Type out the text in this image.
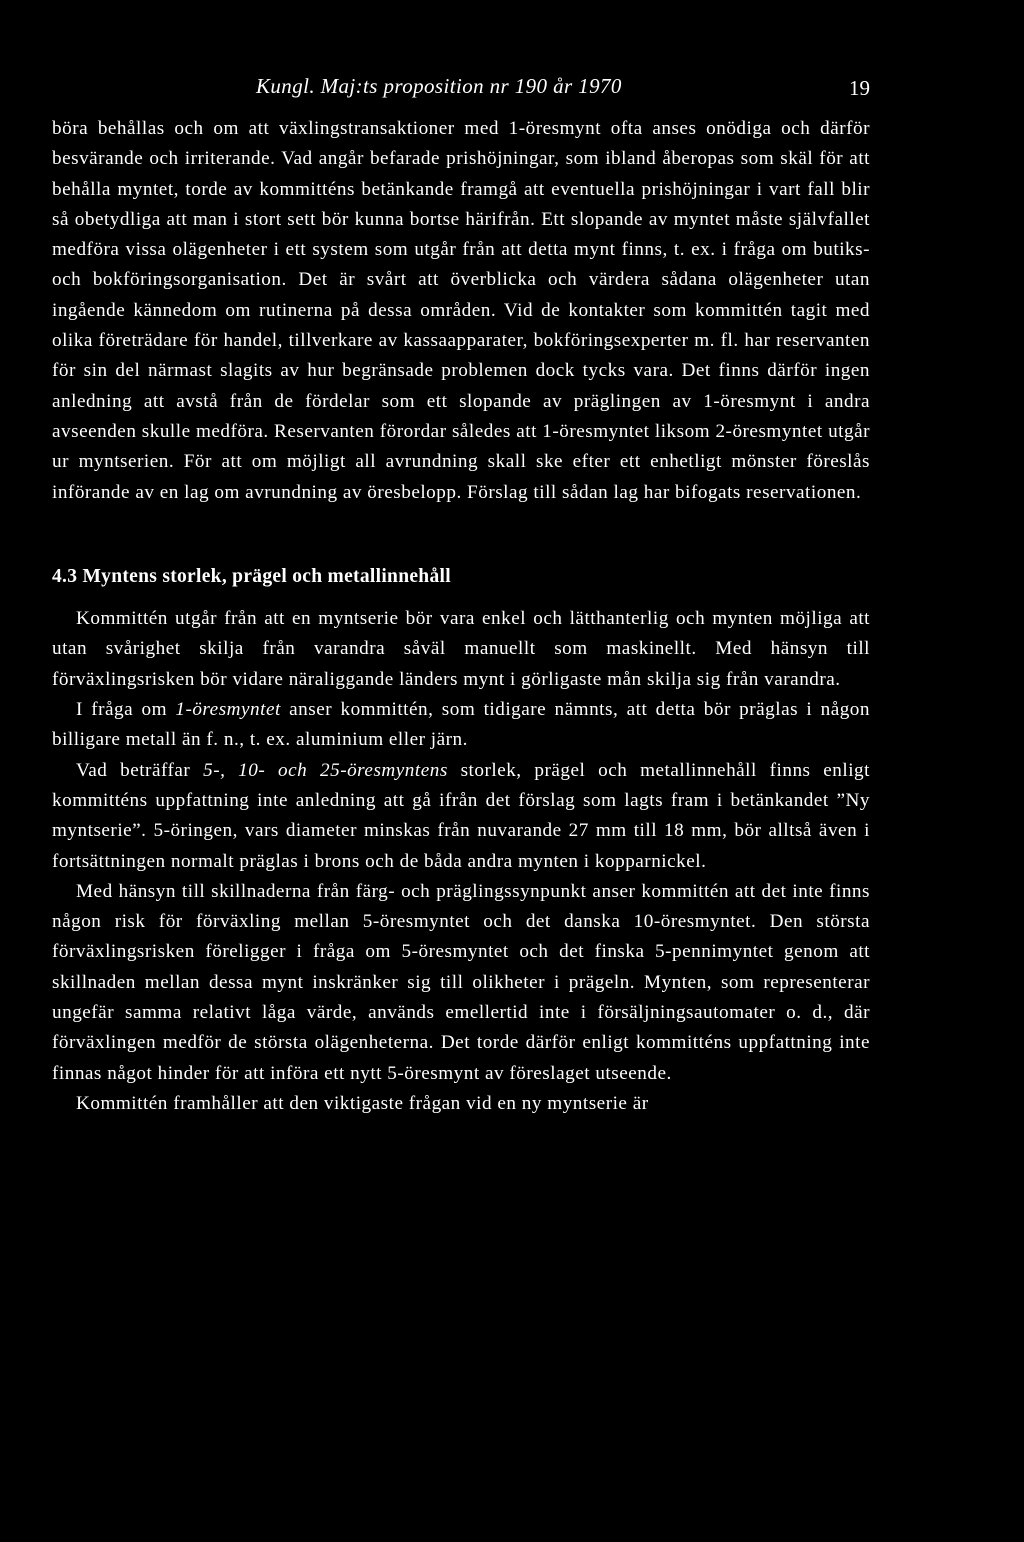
Kungl. Maj:ts proposition nr 190 år 1970	19

böra behållas och om att växlingstransaktioner med 1-öresmynt ofta anses onödiga och därför besvärande och irriterande. Vad angår befarade prishöjningar, som ibland åberopas som skäl för att behålla myntet, torde av kommitténs betänkande framgå att eventuella prishöjningar i vart fall blir så obetydliga att man i stort sett bör kunna bortse härifrån. Ett slopande av myntet måste självfallet medföra vissa olägenheter i ett system som utgår från att detta mynt finns, t. ex. i fråga om butiks- och bokföringsorganisation. Det är svårt att överblicka och värdera sådana olägenheter utan ingående kännedom om rutinerna på dessa områden. Vid de kontakter som kommittén tagit med olika företrädare för handel, tillverkare av kassaapparater, bokföringsexperter m. fl. har reservanten för sin del närmast slagits av hur begränsade problemen dock tycks vara. Det finns därför ingen anledning att avstå från de fördelar som ett slopande av präglingen av 1-öresmynt i andra avseenden skulle medföra. Reservanten förordar således att 1-öresmyntet liksom 2-öresmyntet utgår ur myntserien. För att om möjligt all avrundning skall ske efter ett enhetligt mönster föreslås införande av en lag om avrundning av öresbelopp. Förslag till sådan lag har bifogats reservationen.

4.3 Myntens storlek, prägel och metallinnehåll

Kommittén utgår från att en myntserie bör vara enkel och lätthanterlig och mynten möjliga att utan svårighet skilja från varandra såväl manuellt som maskinellt. Med hänsyn till förväxlingsrisken bör vidare näraliggande länders mynt i görligaste mån skilja sig från varandra.

I fråga om 1-öresmyntet anser kommittén, som tidigare nämnts, att detta bör präglas i någon billigare metall än f. n., t. ex. aluminium eller järn.

Vad beträffar 5-, 10- och 25-öresmyntens storlek, prägel och metallinnehåll finns enligt kommitténs uppfattning inte anledning att gå ifrån det förslag som lagts fram i betänkandet ”Ny myntserie”. 5-öringen, vars diameter minskas från nuvarande 27 mm till 18 mm, bör alltså även i fortsättningen normalt präglas i brons och de båda andra mynten i kopparnickel.

Med hänsyn till skillnaderna från färg- och präglingssynpunkt anser kommittén att det inte finns någon risk för förväxling mellan 5-öresmyntet och det danska 10-öresmyntet. Den största förväxlingsrisken föreligger i fråga om 5-öresmyntet och det finska 5-pennimyntet genom att skillnaden mellan dessa mynt inskränker sig till olikheter i prägeln. Mynten, som representerar ungefär samma relativt låga värde, används emellertid inte i försäljningsautomater o. d., där förväxlingen medför de största olägenheterna. Det torde därför enligt kommitténs uppfattning inte finnas något hinder för att införa ett nytt 5-öresmynt av föreslaget utseende.

Kommittén framhåller att den viktigaste frågan vid en ny myntserie är
